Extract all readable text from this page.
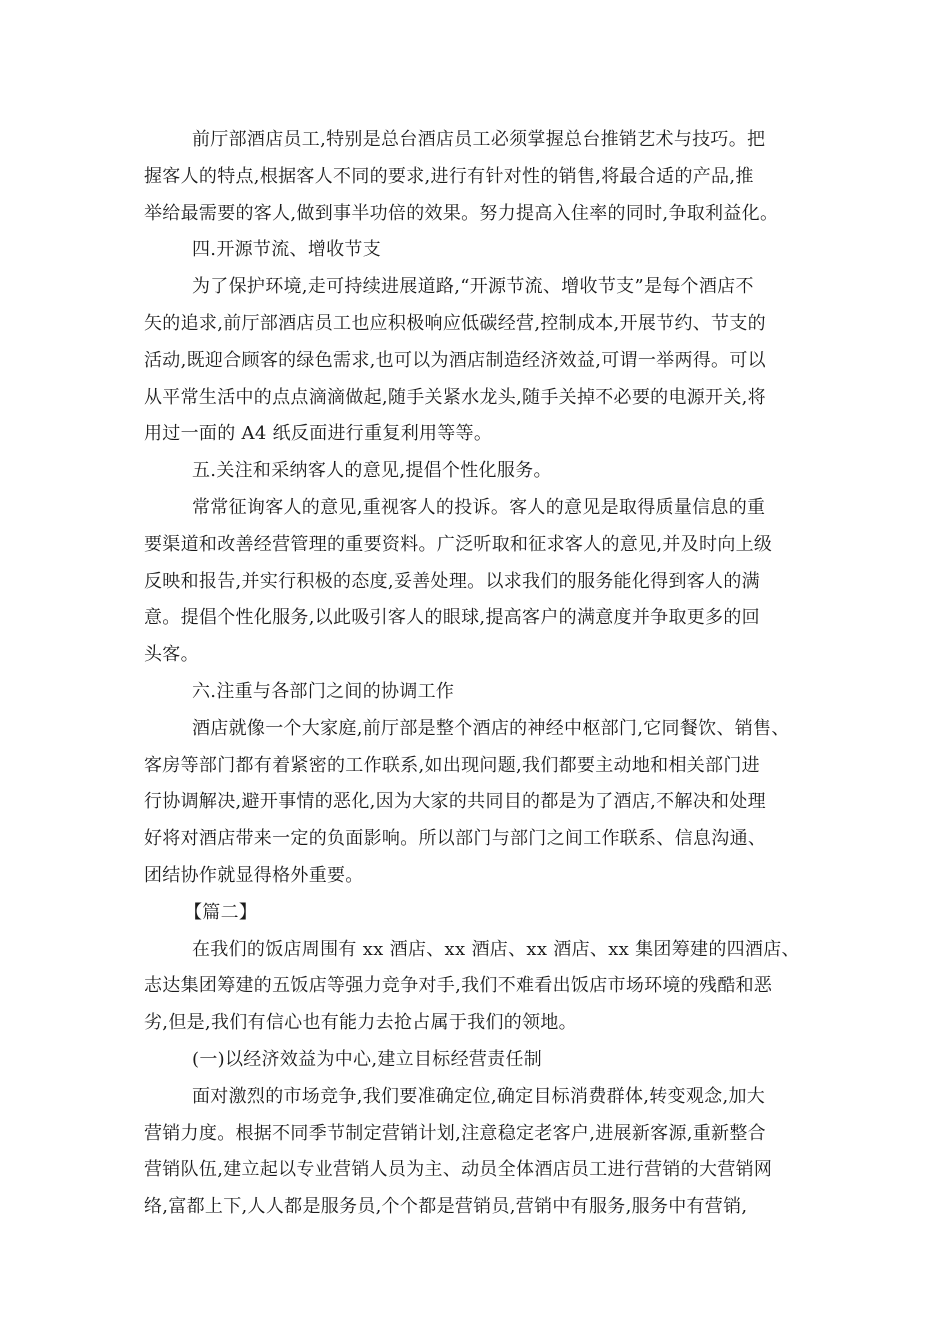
前厅部酒店员工,特别是总台酒店员工必须掌握总台推销艺术与技巧。把
握客人的特点,根据客人不同的要求,进行有针对性的销售,将最合适的产品,推
举给最需要的客人,做到事半功倍的效果。努力提高入住率的同时,争取利益化。
四.开源节流、增收节支
为了保护环境,走可持续进展道路,“开源节流、增收节支”是每个酒店不
矢的追求,前厅部酒店员工也应积极响应低碳经营,控制成本,开展节约、节支的
活动,既迎合顾客的绿色需求,也可以为酒店制造经济效益,可谓一举两得。可以
从平常生活中的点点滴滴做起,随手关紧水龙头,随手关掉不必要的电源开关,将
用过一面的 A4 纸反面进行重复利用等等。
五.关注和采纳客人的意见,提倡个性化服务。
常常征询客人的意见,重视客人的投诉。客人的意见是取得质量信息的重
要渠道和改善经营管理的重要资料。广泛听取和征求客人的意见,并及时向上级
反映和报告,并实行积极的态度,妥善处理。以求我们的服务能化得到客人的满
意。提倡个性化服务,以此吸引客人的眼球,提高客户的满意度并争取更多的回
头客。
六.注重与各部门之间的协调工作
酒店就像一个大家庭,前厅部是整个酒店的神经中枢部门,它同餐饮、销售、
客房等部门都有着紧密的工作联系,如出现问题,我们都要主动地和相关部门进
行协调解决,避开事情的恶化,因为大家的共同目的都是为了酒店,不解决和处理
好将对酒店带来一定的负面影响。所以部门与部门之间工作联系、信息沟通、
团结协作就显得格外重要。
【篇二】
在我们的饭店周围有 xx 酒店、xx 酒店、xx 酒店、xx 集团筹建的四酒店、
志达集团筹建的五饭店等强力竞争对手,我们不难看出饭店市场环境的残酷和恶
劣,但是,我们有信心也有能力去抢占属于我们的领地。
(一)以经济效益为中心,建立目标经营责任制
面对激烈的市场竞争,我们要准确定位,确定目标消费群体,转变观念,加大
营销力度。根据不同季节制定营销计划,注意稳定老客户,进展新客源,重新整合
营销队伍,建立起以专业营销人员为主、动员全体酒店员工进行营销的大营销网
络,富都上下,人人都是服务员,个个都是营销员,营销中有服务,服务中有营销,
